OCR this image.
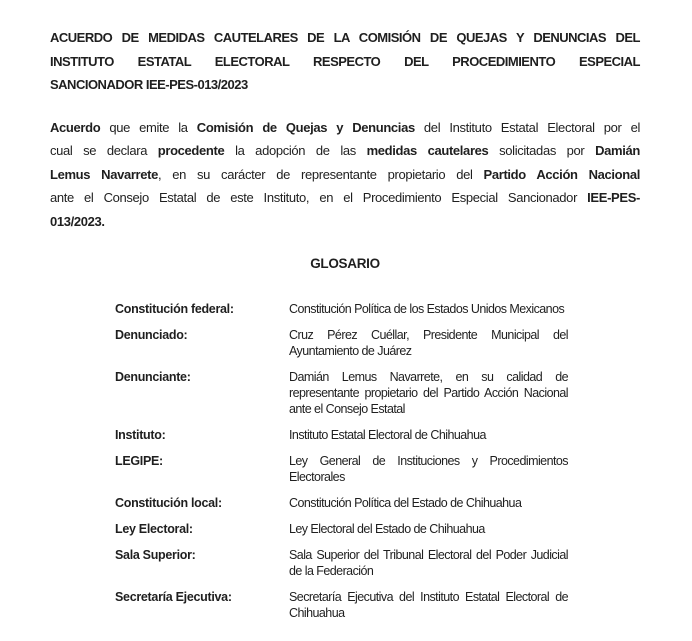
ACUERDO DE MEDIDAS CAUTELARES DE LA COMISIÓN DE QUEJAS Y DENUNCIAS DEL
INSTITUTO ESTATAL ELECTORAL RESPECTO DEL PROCEDIMIENTO ESPECIAL
SANCIONADOR IEE-PES-013/2023
Acuerdo que emite la Comisión de Quejas y Denuncias del Instituto Estatal Electoral por el
cual se declara procedente la adopción de las medidas cautelares solicitadas por Damián
Lemus Navarrete, en su carácter de representante propietario del Partido Acción Nacional
ante el Consejo Estatal de este Instituto, en el Procedimiento Especial Sancionador IEE-PES-
013/2023.
GLOSARIO
Constitución federal:	Constitución Política de los Estados Unidos Mexicanos
Denunciado:	Cruz Pérez Cuéllar, Presidente Municipal del Ayuntamiento de Juárez
Denunciante:	Damián Lemus Navarrete, en su calidad de representante propietario del Partido Acción Nacional ante el Consejo Estatal
Instituto:	Instituto Estatal Electoral de Chihuahua
LEGIPE:	Ley General de Instituciones y Procedimientos Electorales
Constitución local:	Constitución Política del Estado de Chihuahua
Ley Electoral:	Ley Electoral del Estado de Chihuahua
Sala Superior:	Sala Superior del Tribunal Electoral del Poder Judicial de la Federación
Secretaría Ejecutiva:	Secretaría Ejecutiva del Instituto Estatal Electoral de Chihuahua
